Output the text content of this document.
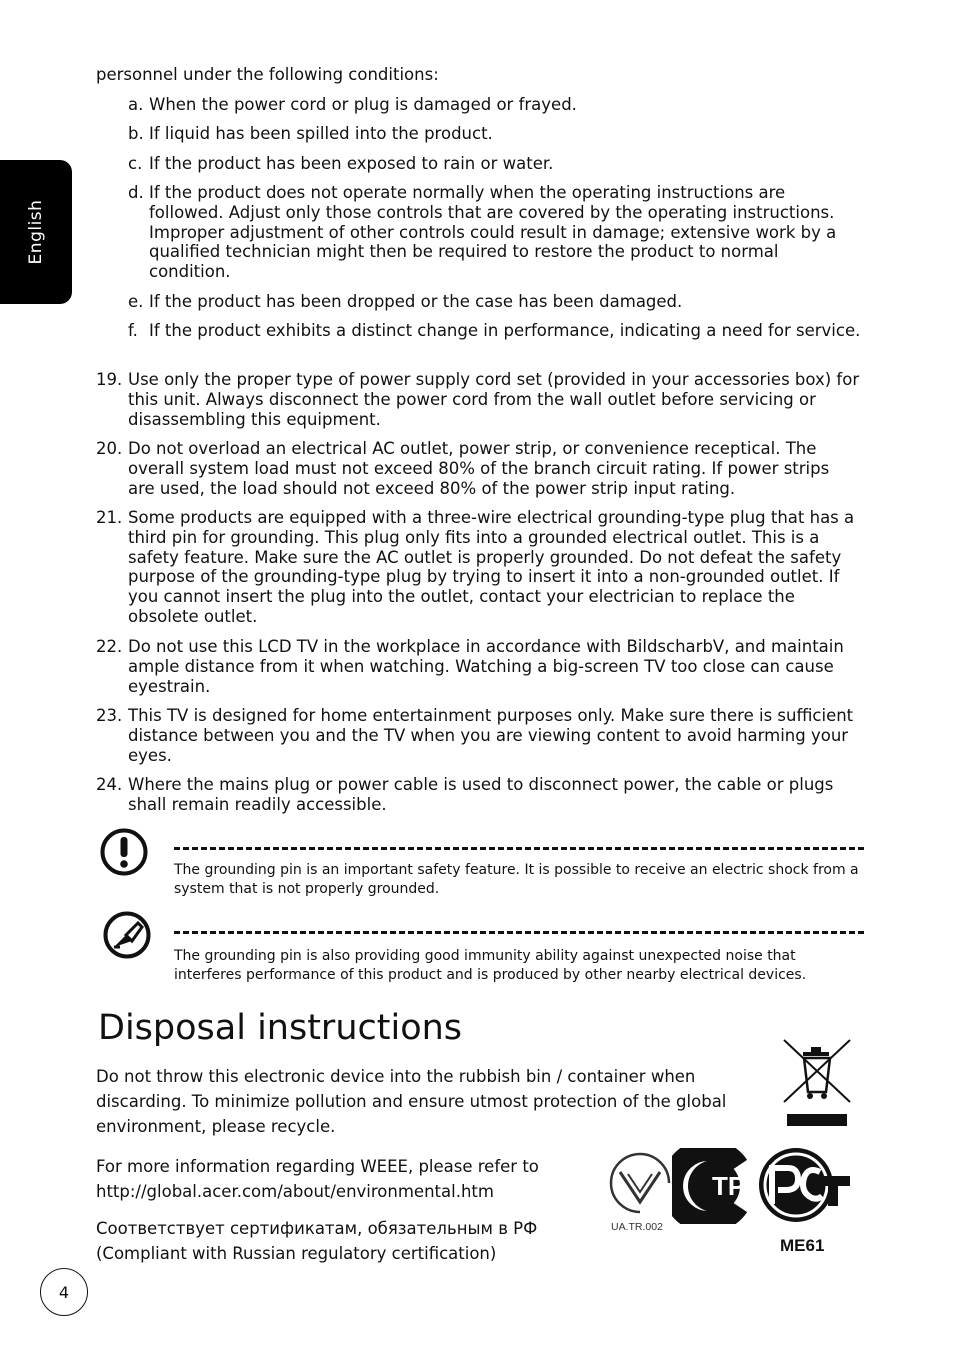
English

personnel under the following conditions:

a. When the power cord or plug is damaged or frayed.
b. If liquid has been spilled into the product.
c. If the product has been exposed to rain or water.
d. If the product does not operate normally when the operating instructions are followed. Adjust only those controls that are covered by the operating instructions. Improper adjustment of other controls could result in damage; extensive work by a qualified technician might then be required to restore the product to normal condition.
e. If the product has been dropped or the case has been damaged.
f. If the product exhibits a distinct change in performance, indicating a need for service.
19. Use only the proper type of power supply cord set (provided in your accessories box) for this unit. Always disconnect the power cord from the wall outlet before servicing or disassembling this equipment.
20. Do not overload an electrical AC outlet, power strip, or convenience receptical. The overall system load must not exceed 80% of the branch circuit rating. If power strips are used, the load should not exceed 80% of the power strip input rating.
21. Some products are equipped with a three-wire electrical grounding-type plug that has a third pin for grounding. This plug only fits into a grounded electrical outlet. This is a safety feature. Make sure the AC outlet is properly grounded. Do not defeat the safety purpose of the grounding-type plug by trying to insert it into a non-grounded outlet. If you cannot insert the plug into the outlet, contact your electrician to replace the obsolete outlet.
22. Do not use this LCD TV in the workplace in accordance with BildscharbV, and maintain ample distance from it when watching. Watching a big-screen TV too close can cause eyestrain.
23. This TV is designed for home entertainment purposes only. Make sure there is sufficient distance between you and the TV when you are viewing content to avoid harming your eyes.
24. Where the mains plug or power cable is used to disconnect power, the cable or plugs shall remain readily accessible.
The grounding pin is an important safety feature. It is possible to receive an electric shock from a system that is not properly grounded.
The grounding pin is also providing good immunity ability against unexpected noise that interferes performance of this product and is produced by other nearby electrical devices.
Disposal instructions
Do not throw this electronic device into the rubbish bin / container when discarding. To minimize pollution and ensure utmost protection of the global environment, please recycle.
For more information regarding WEEE, please refer to
http://global.acer.com/about/environmental.htm
Соответствует сертификатам, обязательным в РФ
(Compliant with Russian regulatory certification)
UA.TR.002
TP
ME61
4
